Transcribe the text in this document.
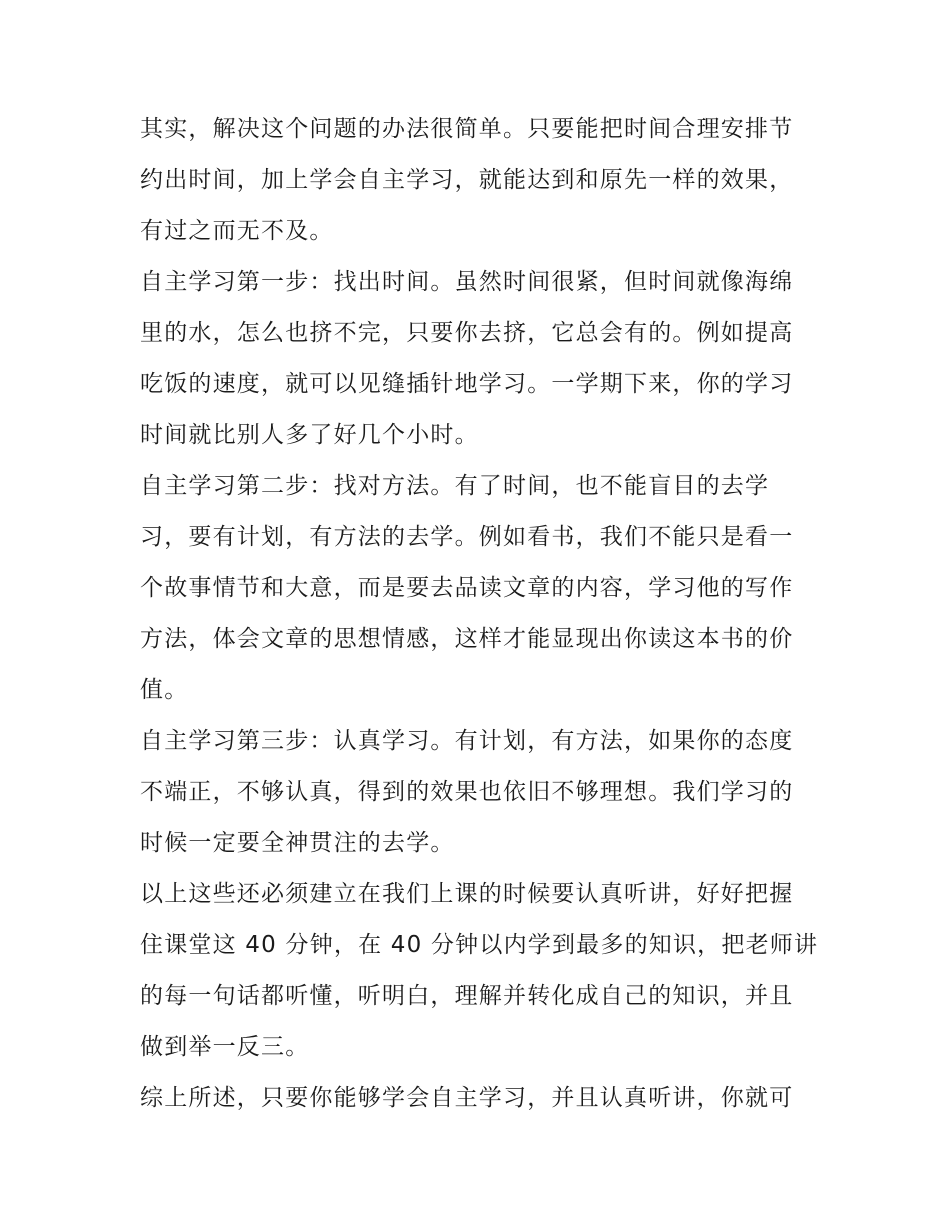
其实，解决这个问题的办法很简单。只要能把时间合理安排节
约出时间，加上学会自主学习，就能达到和原先一样的效果，
有过之而无不及。

自主学习第一步：找出时间。虽然时间很紧，但时间就像海绵
里的水，怎么也挤不完，只要你去挤，它总会有的。例如提高
吃饭的速度，就可以见缝插针地学习。一学期下来，你的学习
时间就比别人多了好几个小时。

自主学习第二步：找对方法。有了时间，也不能盲目的去学
习，要有计划，有方法的去学。例如看书，我们不能只是看一
个故事情节和大意，而是要去品读文章的内容，学习他的写作
方法，体会文章的思想情感，这样才能显现出你读这本书的价
值。

自主学习第三步：认真学习。有计划，有方法，如果你的态度
不端正，不够认真，得到的效果也依旧不够理想。我们学习的
时候一定要全神贯注的去学。

以上这些还必须建立在我们上课的时候要认真听讲，好好把握
住课堂这 40 分钟，在 40 分钟以内学到最多的知识，把老师讲
的每一句话都听懂，听明白，理解并转化成自己的知识，并且
做到举一反三。

综上所述，只要你能够学会自主学习，并且认真听讲，你就可
